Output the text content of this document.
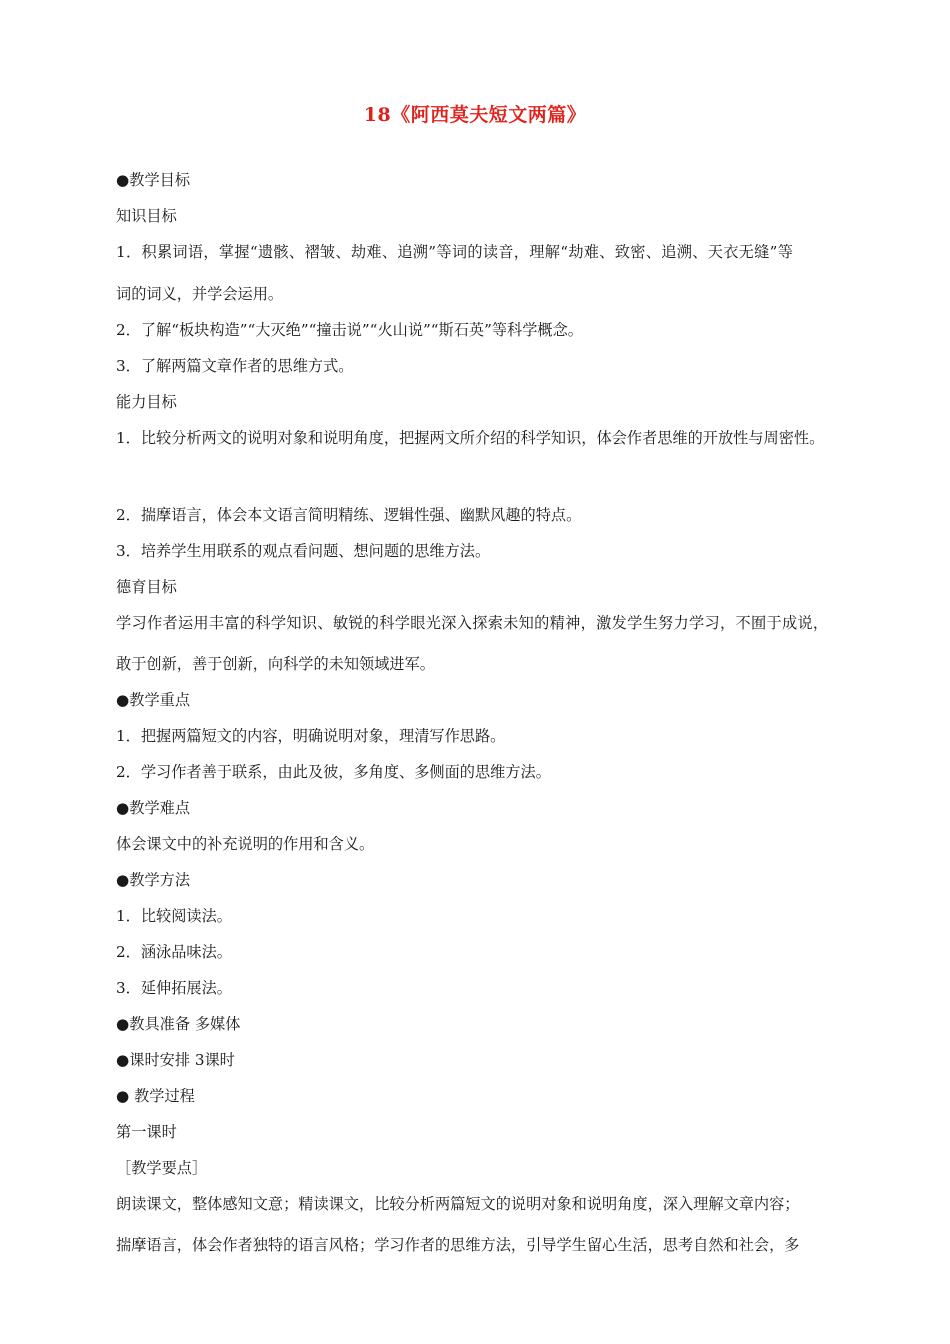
18《阿西莫夫短文两篇》
●教学目标
知识目标
1．积累词语，掌握“遗骸、褶皱、劫难、追溯”等词的读音，理解“劫难、致密、追溯、天衣无缝”等
词的词义，并学会运用。
2．了解“板块构造”“大灭绝”“撞击说”“火山说”“斯石英”等科学概念。
3．了解两篇文章作者的思维方式。
能力目标
1．比较分析两文的说明对象和说明角度，把握两文所介绍的科学知识，体会作者思维的开放性与周密性。
2．揣摩语言，体会本文语言简明精练、逻辑性强、幽默风趣的特点。
3．培养学生用联系的观点看问题、想问题的思维方法。
德育目标
学习作者运用丰富的科学知识、敏锐的科学眼光深入探索未知的精神，激发学生努力学习，不囿于成说，
敢于创新，善于创新，向科学的未知领域进军。
●教学重点
1．把握两篇短文的内容，明确说明对象，理清写作思路。
2．学习作者善于联系，由此及彼，多角度、多侧面的思维方法。
●教学难点
体会课文中的补充说明的作用和含义。
●教学方法
1．比较阅读法。
2．涵泳品味法。
3．延伸拓展法。
●教具准备 多媒体
●课时安排 3课时
● 教学过程
第一课时
［教学要点］
朗读课文，整体感知文意；精读课文，比较分析两篇短文的说明对象和说明角度，深入理解文章内容；
揣摩语言，体会作者独特的语言风格；学习作者的思维方法，引导学生留心生活，思考自然和社会，多
